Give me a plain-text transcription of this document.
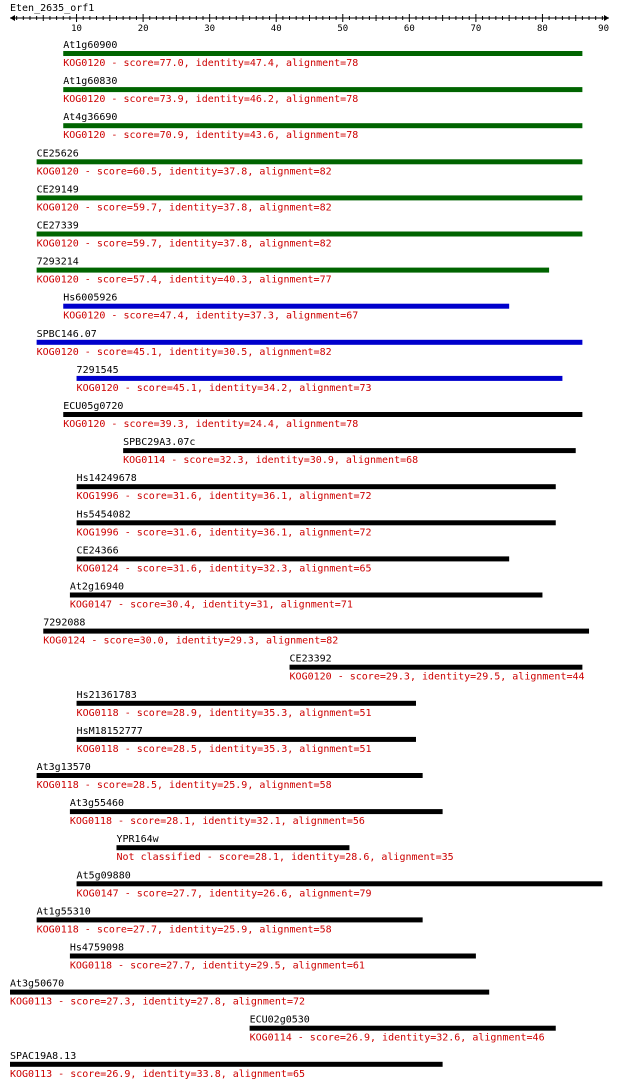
Eten_2635_orf1
10	20	30	40	50	60	70	80	90
At1g60900
KOG0120 - score=77.0, identity=47.4, alignment=78
At1g60830
KOG0120 - score=73.9, identity=46.2, alignment=78
At4g36690
KOG0120 - score=70.9, identity=43.6, alignment=78
CE25626
KOG0120 - score=60.5, identity=37.8, alignment=82
CE29149
KOG0120 - score=59.7, identity=37.8, alignment=82
CE27339
KOG0120 - score=59.7, identity=37.8, alignment=82
7293214
KOG0120 - score=57.4, identity=40.3, alignment=77
Hs6005926
KOG0120 - score=47.4, identity=37.3, alignment=67
SPBC146.07
KOG0120 - score=45.1, identity=30.5, alignment=82
7291545
KOG0120 - score=45.1, identity=34.2, alignment=73
ECU05g0720
KOG0120 - score=39.3, identity=24.4, alignment=78
SPBC29A3.07c
KOG0114 - score=32.3, identity=30.9, alignment=68
Hs14249678
KOG1996 - score=31.6, identity=36.1, alignment=72
Hs5454082
KOG1996 - score=31.6, identity=36.1, alignment=72
CE24366
KOG0124 - score=31.6, identity=32.3, alignment=65
At2g16940
KOG0147 - score=30.4, identity=31, alignment=71
7292088
KOG0124 - score=30.0, identity=29.3, alignment=82
CE23392
KOG0120 - score=29.3, identity=29.5, alignment=44
Hs21361783
KOG0118 - score=28.9, identity=35.3, alignment=51
HsM18152777
KOG0118 - score=28.5, identity=35.3, alignment=51
At3g13570
KOG0118 - score=28.5, identity=25.9, alignment=58
At3g55460
KOG0118 - score=28.1, identity=32.1, alignment=56
YPR164w
Not classified - score=28.1, identity=28.6, alignment=35
At5g09880
KOG0147 - score=27.7, identity=26.6, alignment=79
At1g55310
KOG0118 - score=27.7, identity=25.9, alignment=58
Hs4759098
KOG0118 - score=27.7, identity=29.5, alignment=61
At3g50670
KOG0113 - score=27.3, identity=27.8, alignment=72
ECU02g0530
KOG0114 - score=26.9, identity=32.6, alignment=46
SPAC19A8.13
KOG0113 - score=26.9, identity=33.8, alignment=65
